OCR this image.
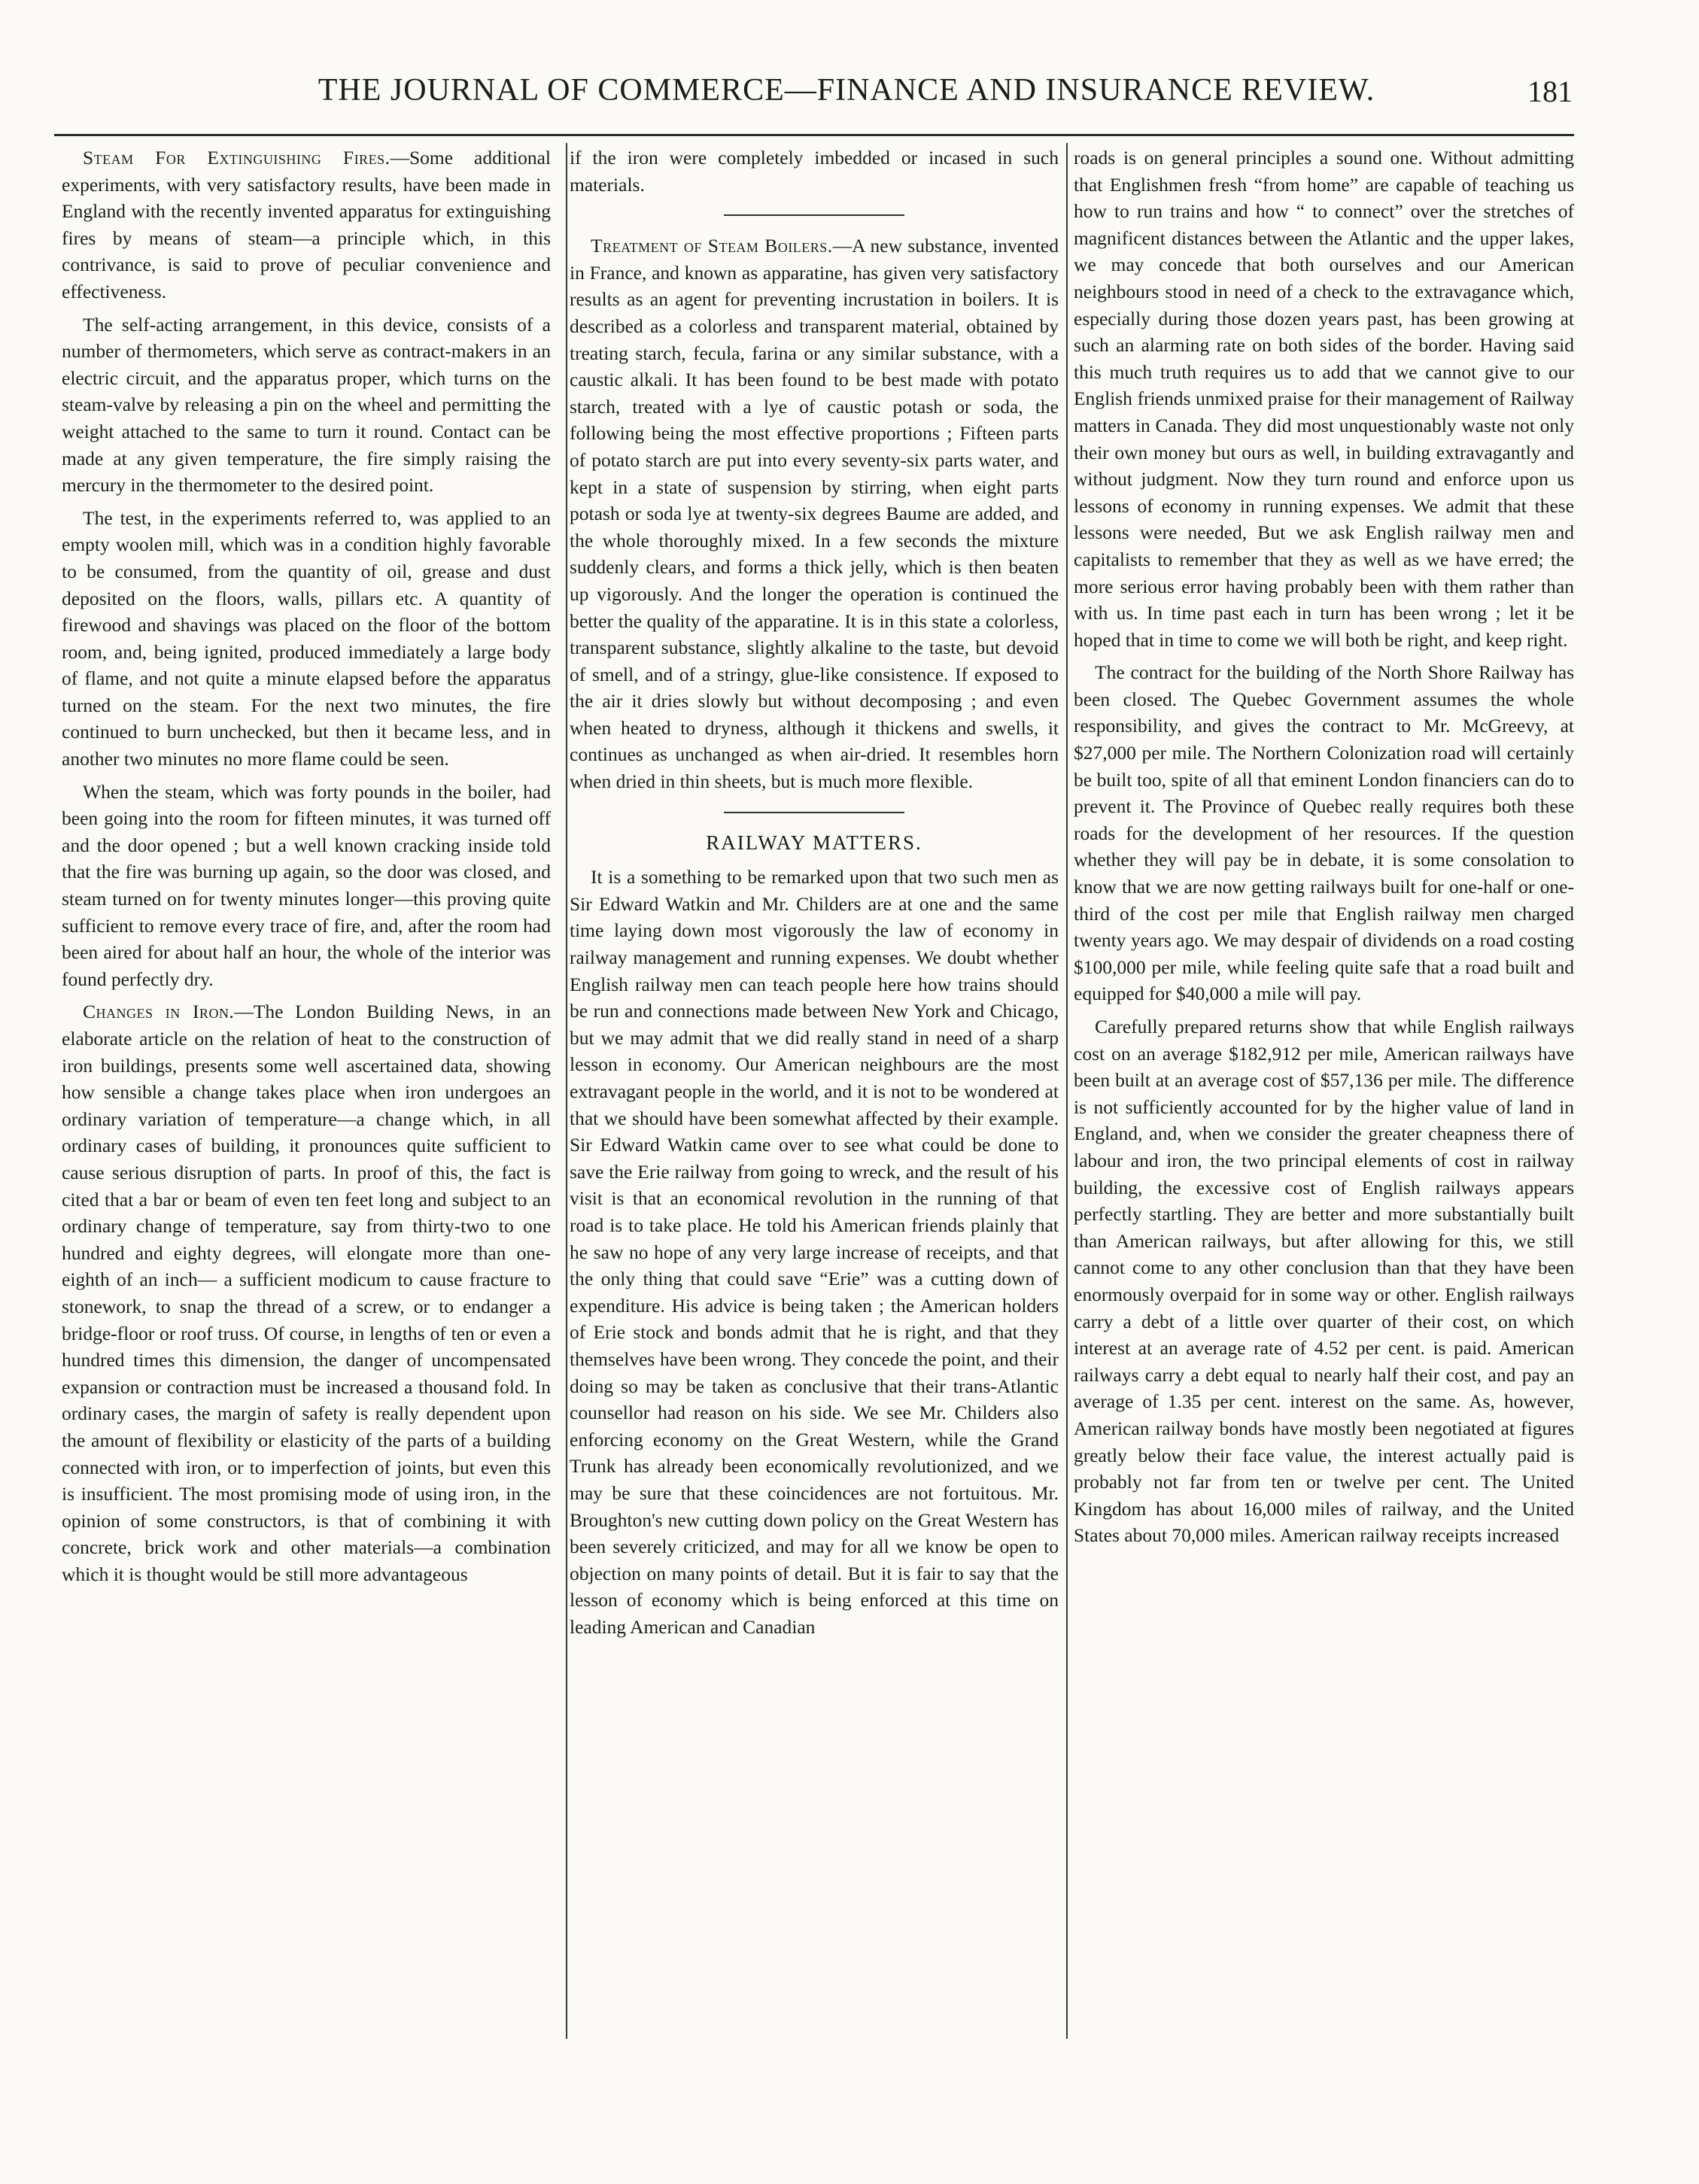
THE JOURNAL OF COMMERCE—FINANCE AND INSURANCE REVIEW.	181

Steam For Extinguishing Fires.—Some additional experiments, with very satisfactory results, have been made in England with the recently invented apparatus for extinguishing fires by means of steam—a principle which, in this contrivance, is said to prove of peculiar convenience and effectiveness.

The self-acting arrangement, in this device, consists of a number of thermometers, which serve as contract-makers in an electric circuit, and the apparatus proper, which turns on the steam-valve by releasing a pin on the wheel and permitting the weight attached to the same to turn it round. Contact can be made at any given temperature, the fire simply raising the mercury in the thermometer to the desired point.

The test, in the experiments referred to, was applied to an empty woolen mill, which was in a condition highly favorable to be consumed, from the quantity of oil, grease and dust deposited on the floors, walls, pillars etc. A quantity of firewood and shavings was placed on the floor of the bottom room, and, being ignited, produced immediately a large body of flame, and not quite a minute elapsed before the apparatus turned on the steam. For the next two minutes, the fire continued to burn unchecked, but then it became less, and in another two minutes no more flame could be seen.

When the steam, which was forty pounds in the boiler, had been going into the room for fifteen minutes, it was turned off and the door opened ; but a well known cracking inside told that the fire was burning up again, so the door was closed, and steam turned on for twenty minutes longer—this proving quite sufficient to remove every trace of fire, and, after the room had been aired for about half an hour, the whole of the interior was found perfectly dry.

Changes in Iron.—The London Building News, in an elaborate article on the relation of heat to the construction of iron buildings, presents some well ascertained data, showing how sensible a change takes place when iron undergoes an ordinary variation of temperature—a change which, in all ordinary cases of building, it pronounces quite sufficient to cause serious disruption of parts. In proof of this, the fact is cited that a bar or beam of even ten feet long and subject to an ordinary change of temperature, say from thirty-two to one hundred and eighty degrees, will elongate more than one-eighth of an inch— a sufficient modicum to cause fracture to stonework, to snap the thread of a screw, or to endanger a bridge-floor or roof truss. Of course, in lengths of ten or even a hundred times this dimension, the danger of uncompensated expansion or contraction must be increased a thousand fold. In ordinary cases, the margin of safety is really dependent upon the amount of flexibility or elasticity of the parts of a building connected with iron, or to imperfection of joints, but even this is insufficient. The most promising mode of using iron, in the opinion of some constructors, is that of combining it with concrete, brick work and other materials—a combination which it is thought would be still more advantageous

if the iron were completely imbedded or incased in such materials.

Treatment of Steam Boilers.—A new substance, invented in France, and known as apparatine, has given very satisfactory results as an agent for preventing incrustation in boilers. It is described as a colorless and transparent material, obtained by treating starch, fecula, farina or any similar substance, with a caustic alkali. It has been found to be best made with potato starch, treated with a lye of caustic potash or soda, the following being the most effective proportions ; Fifteen parts of potato starch are put into every seventy-six parts water, and kept in a state of suspension by stirring, when eight parts potash or soda lye at twenty-six degrees Baume are added, and the whole thoroughly mixed. In a few seconds the mixture suddenly clears, and forms a thick jelly, which is then beaten up vigorously. And the longer the operation is continued the better the quality of the apparatine. It is in this state a colorless, transparent substance, slightly alkaline to the taste, but devoid of smell, and of a stringy, glue-like consistence. If exposed to the air it dries slowly but without decomposing ; and even when heated to dryness, although it thickens and swells, it continues as unchanged as when air-dried. It resembles horn when dried in thin sheets, but is much more flexible.

RAILWAY MATTERS.

It is a something to be remarked upon that two such men as Sir Edward Watkin and Mr. Childers are at one and the same time laying down most vigorously the law of economy in railway management and running expenses. We doubt whether English railway men can teach people here how trains should be run and connections made between New York and Chicago, but we may admit that we did really stand in need of a sharp lesson in economy. Our American neighbours are the most extravagant people in the world, and it is not to be wondered at that we should have been somewhat affected by their example. Sir Edward Watkin came over to see what could be done to save the Erie railway from going to wreck, and the result of his visit is that an economical revolution in the running of that road is to take place. He told his American friends plainly that he saw no hope of any very large increase of receipts, and that the only thing that could save “Erie” was a cutting down of expenditure. His advice is being taken ; the American holders of Erie stock and bonds admit that he is right, and that they themselves have been wrong. They concede the point, and their doing so may be taken as conclusive that their trans-Atlantic counsellor had reason on his side. We see Mr. Childers also enforcing economy on the Great Western, while the Grand Trunk has already been economically revolutionized, and we may be sure that these coincidences are not fortuitous. Mr. Broughton's new cutting down policy on the Great Western has been severely criticized, and may for all we know be open to objection on many points of detail. But it is fair to say that the lesson of economy which is being enforced at this time on leading American and Canadian

roads is on general principles a sound one. Without admitting that Englishmen fresh “from home” are capable of teaching us how to run trains and how “ to connect” over the stretches of magnificent distances between the Atlantic and the upper lakes, we may concede that both ourselves and our American neighbours stood in need of a check to the extravagance which, especially during those dozen years past, has been growing at such an alarming rate on both sides of the border. Having said this much truth requires us to add that we cannot give to our English friends unmixed praise for their management of Railway matters in Canada. They did most unquestionably waste not only their own money but ours as well, in building extravagantly and without judgment. Now they turn round and enforce upon us lessons of economy in running expenses. We admit that these lessons were needed, But we ask English railway men and capitalists to remember that they as well as we have erred; the more serious error having probably been with them rather than with us. In time past each in turn has been wrong ; let it be hoped that in time to come we will both be right, and keep right.

The contract for the building of the North Shore Railway has been closed. The Quebec Government assumes the whole responsibility, and gives the contract to Mr. McGreevy, at $27,000 per mile. The Northern Colonization road will certainly be built too, spite of all that eminent London financiers can do to prevent it. The Province of Quebec really requires both these roads for the development of her resources. If the question whether they will pay be in debate, it is some consolation to know that we are now getting railways built for one-half or one-third of the cost per mile that English railway men charged twenty years ago. We may despair of dividends on a road costing $100,000 per mile, while feeling quite safe that a road built and equipped for $40,000 a mile will pay.

Carefully prepared returns show that while English railways cost on an average $182,912 per mile, American railways have been built at an average cost of $57,136 per mile. The difference is not sufficiently accounted for by the higher value of land in England, and, when we consider the greater cheapness there of labour and iron, the two principal elements of cost in railway building, the excessive cost of English railways appears perfectly startling. They are better and more substantially built than American railways, but after allowing for this, we still cannot come to any other conclusion than that they have been enormously overpaid for in some way or other. English railways carry a debt of a little over quarter of their cost, on which interest at an average rate of 4.52 per cent. is paid. American railways carry a debt equal to nearly half their cost, and pay an average of 1.35 per cent. interest on the same. As, however, American railway bonds have mostly been negotiated at figures greatly below their face value, the interest actually paid is probably not far from ten or twelve per cent. The United Kingdom has about 16,000 miles of railway, and the United States about 70,000 miles. American railway receipts increased
